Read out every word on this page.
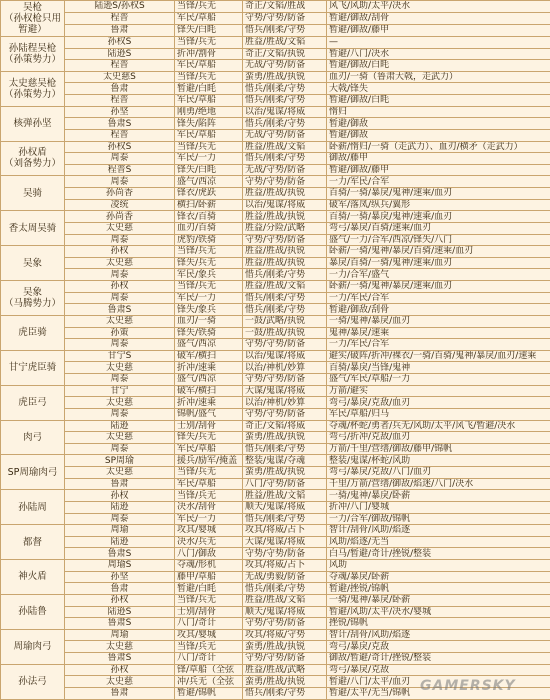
吴枪
（孙权枪只用
暂避）	陆逊S/孙权S	当锋/兵无	奇正/文韬/胜战	风飞/风助/太平/决水
	程普	军民/草船	守势/守势/防备	暂避/御敌/刮骨
	鲁肃	锋失/白眊	惜兵/刚柔/守势	暂避/御敌/藤甲
孙陆程吴枪
（孙策势力）	孙权S	当锋/兵无	胜益/胜战/文韬	—
	陆逊S	折冲/割骨	奇正/文韬/执锐	暂避/八门/决水
	程普	军民/草船	无战/守势/防备	暂避/御敌/白眊
太史慈吴枪
（孙策势力）	太史慈S	当锋/兵无	蛮勇/胜战/执锐	血刃/一骑（鲁肃大戟，走武力）
	鲁肃	暂避/白眊	惜兵/刚柔/守势	大戟/锋失
	程普	军民/草船	惜兵/刚柔/守势	暂避/御敌/白眊
核弹孙坚	孙坚	刚勇/绝地	以治/鬼谋/将威	惰归
	鲁肃S	锋失/陷阵	惜兵/刚柔/守势	暂避/御敌
	程普	军民/草船	无战/守势/防备	暂避/御敌
孙权盾
（刘备势力）	孙权S	当锋/兵无	胜益/胜战/文韬	卧薪/惰归/一骑（走武力）、血刃/横矛（走武力）
	周泰	军民/一力	惜兵/刚柔/守势	御敌/藤甲
	程普S	锋失/白眊	无战/守势/防备	暂避/御敌/藤甲
吴骑	周泰	盛气/西凉	守势/守势/防备	一力/军民/合军
	孙尚香	锋衣/虎跃	胜益/胜战/执锐	百骑/一骑/暴戾/鬼神/速乘/血刃
	凌统	横扫/卧薪	以治/鬼谋/将威	破军/落凤/纵兵/翼形
香太周吴骑	孙尚香	锋衣/百骑	胜益/胜战/执锐	百骑/一骑/暴戾/鬼神/速乘/血刃
	太史慈	血刃/百骑	胜益/分险/武略	弯弓/暴戾/百骑/速乘/血刃
	周泰	虎豹/铁骑	守势/守势/防备	盛气/一力/合军/西凉/锋失/八门
吴象	孙权	当锋/兵无	胜益/胜战/执锐	卧薪/一骑/鬼神/暴戾/百骑/速乘/血刃
	太史慈	锋失/兵无	胜益/胜战/执锐	暴戾/百骑/一骑/鬼神/速乘/血刃
	周泰	军民/象兵	惜兵/刚柔/守势	一力/合军/盛气
吴象
（马腾势力）	孙权	当锋/兵无	胜益/胜战/文韬	卧薪/一骑/鬼神/暴戾/速乘/血刃
	周泰	军民/一力	惜兵/刚柔/守势	一力/军民/合军
	鲁肃S	锋失/象兵	惜兵/刚柔/守势	暂避/御敌/刮骨
虎臣骑	太史慈	血刃/一骑	一鼓/武略/执锐	一骑/鬼神/暴戾/血刃
	孙策	锋失/铁骑	一鼓/胜战/执锐	鬼神/暴戾/速乘
	周泰	盛气/西凉	守势/守势/防备	一力/军民/合军
甘宁虎臣骑	甘宁S	破军/横扫	以治/鬼谋/将威	避实/破阵/折冲/裸衣/一骑/百骑/鬼神/暴戾/血刃/速乘
	太史慈	折冲/速乘	以治/神机/妙算	百骑/暴戾/当锋/鬼神
	周泰	盛气/西凉	守势/守势/防备	盛气/军民/草船/一力
虎臣弓	甘宁	破军/横扫	大谋/鬼谋/将威	万箭/避实
	太史慈	折冲/速乘	以治/神机/妙算	弯弓/暴戾/克敌/血刃
	周泰	锦帆/盛气	守势/守势/防备	军民/草船/归马
肉弓	陆逊	士别/刮骨	奇正/文韬/将威	夺魂/杯蛇/勇者/兵无/风助/太平/风飞/暂避/决水
	太史慈	锋失/兵无	蛮勇/胜战/执锐	弯弓/折冲/克敌/血刃
	周泰	军民/草船	惜兵/刚柔/守势	万箭/千里/营缮/御敌/藤甲/锦帆
SP周瑜肉弓	SP周瑜	援兵/励军/掩盖	整装/鬼谋/夺魂	整装/鬼谋/杯蛇/风助
	太史慈	当锋/兵无	蛮勇/胜战/执锐	弯弓/暴戾/克敌/八门/血刃
	鲁肃	军民/草船	八门/守势/防备	千里/万箭/营缮/御敌/焰迷/八门/决水
孙陆周	孙权	当锋/兵无	胜益/胜战/文韬	一骑/鬼神/暴戾/卧薪
	陆逊	决水/刮骨	顺天/鬼谋/将威	折冲/八门/婴城
	周泰	军民/一力	惜兵/刚柔/守势	一力/合军/御敌/锦帆
都督	周瑜	攻其/婴城	攻其/将威/占卜	智计/刮骨/风助/焰逐
	陆逊	决水/兵无	大谋/鬼谋/将威	风助/焰逐/无当
	鲁肃S	八门/御敌	守势/守势/防备	白马/暂避/奇计/挫锐/整装
神火盾	周瑜S	夺魂/形机	攻其/将威/占卜	风助
	孙坚	藤甲/草船	无战/勇毅/防备	夺魂/暴戾/卧薪
	鲁肃	暂避/白眊	惜兵/刚柔/守势	暂避/挫锐/锦帆
孙陆鲁	孙权	当锋/兵无	胜益/胜战/文韬	一骑/鬼神/暴戾/卧薪
	陆逊S	士别/刮骨	顺天/鬼谋/将威	暂避/风助/太平/决水/婴城
	鲁肃S	八门/奇计	守势/守势/防备	挫锐/锦帆
周瑜肉弓	周瑜	攻其/婴城	攻其/将威/守势	智计/刮骨/风助/焰逐
	太史慈	当锋/兵无	蛮勇/胜战/执锐	弯弓/暴戾/克敌
	鲁肃S	八门/奇计	守势/守势/防备	御敌/暂避/奇计/挫锐/整装
孙法弓	孙权	锋/草船（全弦	胜益/胜战/武略	弯弓/暴戾/克敌
	太史慈	冲/兵无（全弦	蛮勇/胜战/执锐	暂避/八门/太平/血刃
	鲁肃	暂避/锦帆	惜兵/刚柔/守势	暂避/太平/无当/锦帆 GAMERSKY
